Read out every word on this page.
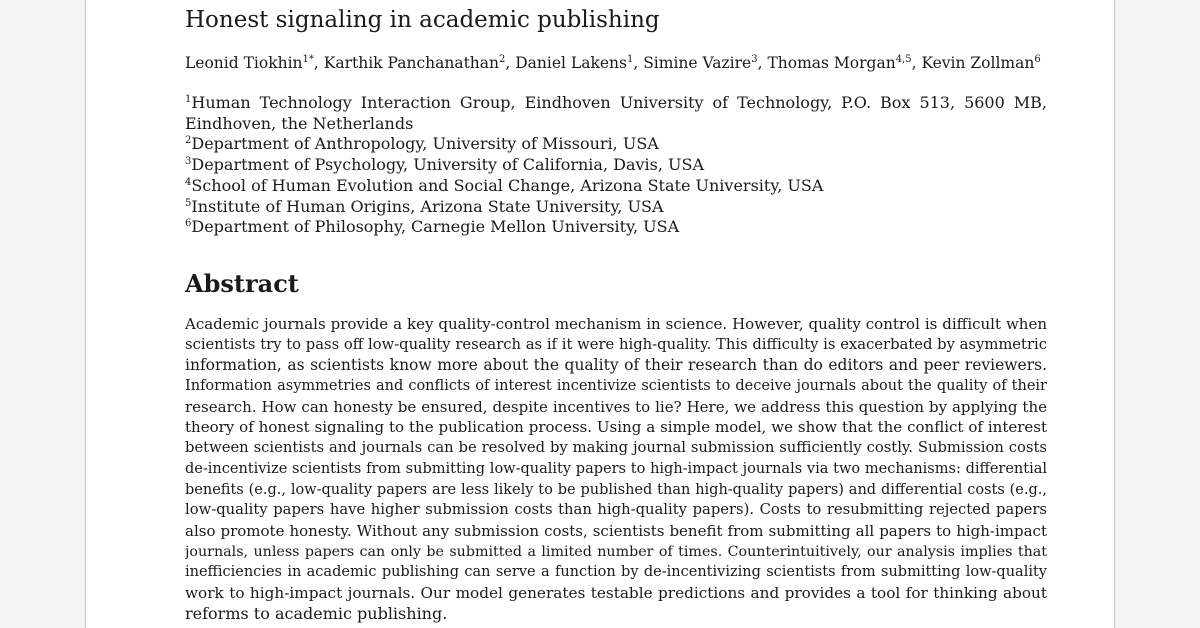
Honest signaling in academic publishing
Leonid Tiokhin$^{1*}$, Karthik Panchanathan$^2$, Daniel Lakens$^1$, Simine Vazire$^3$, Thomas Morgan$^{4,5}$, Kevin Zollman$^6$
$^1$Human Technology Interaction Group, Eindhoven University of Technology, P.O. Box 513, 5600 MB, Eindhoven, the Netherlands
$^2$Department of Anthropology, University of Missouri, USA
$^3$Department of Psychology, University of California, Davis, USA
$^4$School of Human Evolution and Social Change, Arizona State University, USA
$^5$Institute of Human Origins, Arizona State University, USA
$^6$Department of Philosophy, Carnegie Mellon University, USA
Abstract
Academic journals provide a key quality-control mechanism in science. However, quality control is difficult when
scientists try to pass off low-quality research as if it were high-quality. This difficulty is exacerbated by asymmetric
information, as scientists know more about the quality of their research than do editors and peer reviewers.
Information asymmetries and conflicts of interest incentivize scientists to deceive journals about the quality of their
research. How can honesty be ensured, despite incentives to lie? Here, we address this question by applying the
theory of honest signaling to the publication process. Using a simple model, we show that the conflict of interest
between scientists and journals can be resolved by making journal submission sufficiently costly. Submission costs
de-incentivize scientists from submitting low-quality papers to high-impact journals via two mechanisms: differential
benefits (e.g., low-quality papers are less likely to be published than high-quality papers) and differential costs (e.g.,
low-quality papers have higher submission costs than high-quality papers). Costs to resubmitting rejected papers
also promote honesty. Without any submission costs, scientists benefit from submitting all papers to high-impact
journals, unless papers can only be submitted a limited number of times. Counterintuitively, our analysis implies that
inefficiencies in academic publishing can serve a function by de-incentivizing scientists from submitting low-quality
work to high-impact journals. Our model generates testable predictions and provides a tool for thinking about
reforms to academic publishing.
